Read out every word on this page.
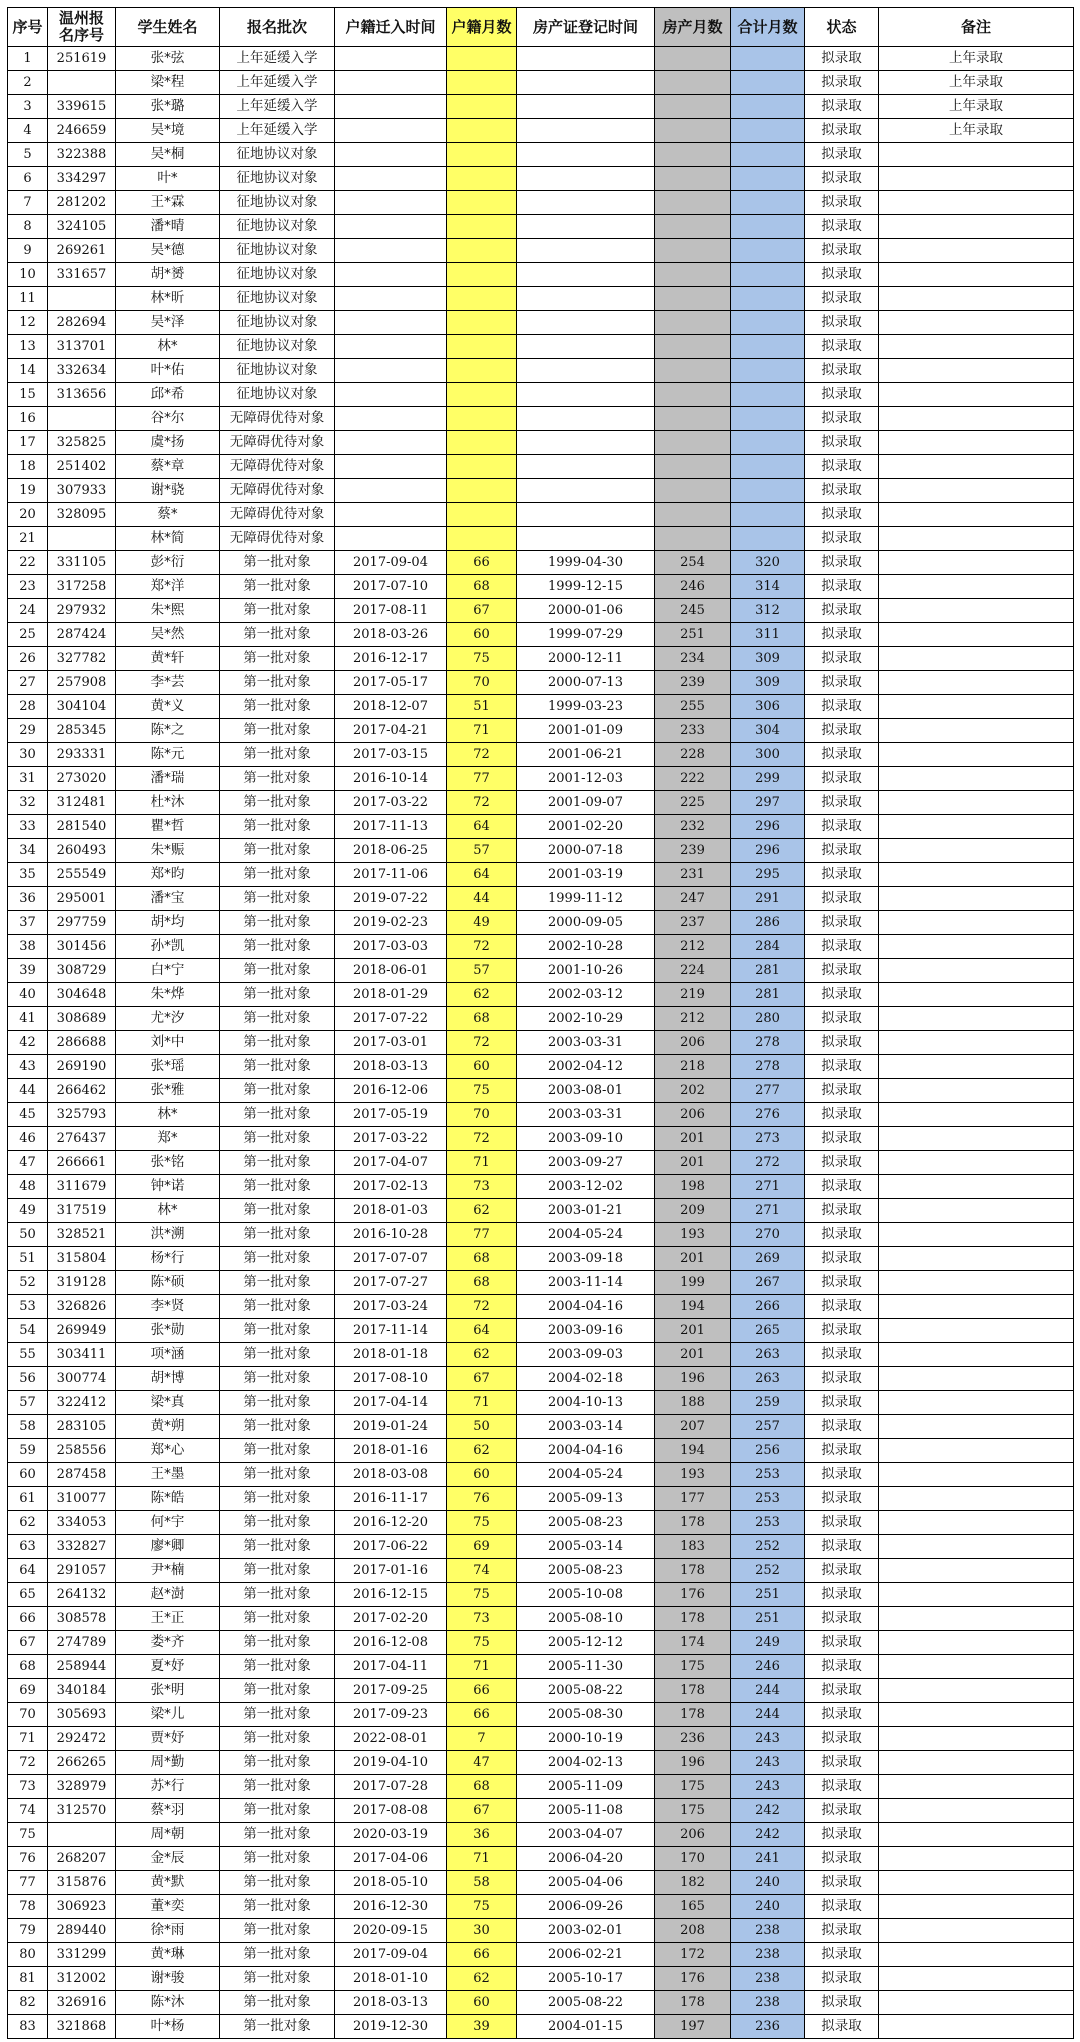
序号	温州报名序号	学生姓名	报名批次	户籍迁入时间	户籍月数	房产证登记时间	房产月数	合计月数	状态	备注
1	251619	张*弦	上年延缓入学						拟录取	上年录取
2		梁*程	上年延缓入学						拟录取	上年录取
3	339615	张*璐	上年延缓入学						拟录取	上年录取
4	246659	吴*境	上年延缓入学						拟录取	上年录取
5	322388	吴*桐	征地协议对象						拟录取	
6	334297	叶*	征地协议对象						拟录取	
7	281202	王*霖	征地协议对象						拟录取	
8	324105	潘*晴	征地协议对象						拟录取	
9	269261	吴*德	征地协议对象						拟录取	
10	331657	胡*赟	征地协议对象						拟录取	
11		林*昕	征地协议对象						拟录取	
12	282694	吴*泽	征地协议对象						拟录取	
13	313701	林*	征地协议对象						拟录取	
14	332634	叶*佑	征地协议对象						拟录取	
15	313656	邱*希	征地协议对象						拟录取	
16		谷*尔	无障碍优待对象						拟录取	
17	325825	虞*扬	无障碍优待对象						拟录取	
18	251402	蔡*章	无障碍优待对象						拟录取	
19	307933	谢*骁	无障碍优待对象						拟录取	
20	328095	蔡*	无障碍优待对象						拟录取	
21		林*简	无障碍优待对象						拟录取	
22	331105	彭*衍	第一批对象	2017-09-04	66	1999-04-30	254	320	拟录取	
23	317258	郑*洋	第一批对象	2017-07-10	68	1999-12-15	246	314	拟录取	
24	297932	朱*熙	第一批对象	2017-08-11	67	2000-01-06	245	312	拟录取	
25	287424	吴*然	第一批对象	2018-03-26	60	1999-07-29	251	311	拟录取	
26	327782	黄*轩	第一批对象	2016-12-17	75	2000-12-11	234	309	拟录取	
27	257908	李*芸	第一批对象	2017-05-17	70	2000-07-13	239	309	拟录取	
28	304104	黄*义	第一批对象	2018-12-07	51	1999-03-23	255	306	拟录取	
29	285345	陈*之	第一批对象	2017-04-21	71	2001-01-09	233	304	拟录取	
30	293331	陈*元	第一批对象	2017-03-15	72	2001-06-21	228	300	拟录取	
31	273020	潘*瑞	第一批对象	2016-10-14	77	2001-12-03	222	299	拟录取	
32	312481	杜*沐	第一批对象	2017-03-22	72	2001-09-07	225	297	拟录取	
33	281540	瞿*哲	第一批对象	2017-11-13	64	2001-02-20	232	296	拟录取	
34	260493	朱*赈	第一批对象	2018-06-25	57	2000-07-18	239	296	拟录取	
35	255549	郑*昀	第一批对象	2017-11-06	64	2001-03-19	231	295	拟录取	
36	295001	潘*宝	第一批对象	2019-07-22	44	1999-11-12	247	291	拟录取	
37	297759	胡*均	第一批对象	2019-02-23	49	2000-09-05	237	286	拟录取	
38	301456	孙*凯	第一批对象	2017-03-03	72	2002-10-28	212	284	拟录取	
39	308729	白*宁	第一批对象	2018-06-01	57	2001-10-26	224	281	拟录取	
40	304648	朱*烨	第一批对象	2018-01-29	62	2002-03-12	219	281	拟录取	
41	308689	尤*汐	第一批对象	2017-07-22	68	2002-10-29	212	280	拟录取	
42	286688	刘*中	第一批对象	2017-03-01	72	2003-03-31	206	278	拟录取	
43	269190	张*瑶	第一批对象	2018-03-13	60	2002-04-12	218	278	拟录取	
44	266462	张*雅	第一批对象	2016-12-06	75	2003-08-01	202	277	拟录取	
45	325793	林*	第一批对象	2017-05-19	70	2003-03-31	206	276	拟录取	
46	276437	郑*	第一批对象	2017-03-22	72	2003-09-10	201	273	拟录取	
47	266661	张*铭	第一批对象	2017-04-07	71	2003-09-27	201	272	拟录取	
48	311679	钟*诺	第一批对象	2017-02-13	73	2003-12-02	198	271	拟录取	
49	317519	林*	第一批对象	2018-01-03	62	2003-01-21	209	271	拟录取	
50	328521	洪*溯	第一批对象	2016-10-28	77	2004-05-24	193	270	拟录取	
51	315804	杨*行	第一批对象	2017-07-07	68	2003-09-18	201	269	拟录取	
52	319128	陈*硕	第一批对象	2017-07-27	68	2003-11-14	199	267	拟录取	
53	326826	李*贤	第一批对象	2017-03-24	72	2004-04-16	194	266	拟录取	
54	269949	张*勋	第一批对象	2017-11-14	64	2003-09-16	201	265	拟录取	
55	303411	项*涵	第一批对象	2018-01-18	62	2003-09-03	201	263	拟录取	
56	300774	胡*博	第一批对象	2017-08-10	67	2004-02-18	196	263	拟录取	
57	322412	梁*真	第一批对象	2017-04-14	71	2004-10-13	188	259	拟录取	
58	283105	黄*朔	第一批对象	2019-01-24	50	2003-03-14	207	257	拟录取	
59	258556	郑*心	第一批对象	2018-01-16	62	2004-04-16	194	256	拟录取	
60	287458	王*墨	第一批对象	2018-03-08	60	2004-05-24	193	253	拟录取	
61	310077	陈*皓	第一批对象	2016-11-17	76	2005-09-13	177	253	拟录取	
62	334053	何*宇	第一批对象	2016-12-20	75	2005-08-23	178	253	拟录取	
63	332827	廖*卿	第一批对象	2017-06-22	69	2005-03-14	183	252	拟录取	
64	291057	尹*楠	第一批对象	2017-01-16	74	2005-08-23	178	252	拟录取	
65	264132	赵*澍	第一批对象	2016-12-15	75	2005-10-08	176	251	拟录取	
66	308578	王*正	第一批对象	2017-02-20	73	2005-08-10	178	251	拟录取	
67	274789	娄*齐	第一批对象	2016-12-08	75	2005-12-12	174	249	拟录取	
68	258944	夏*妤	第一批对象	2017-04-11	71	2005-11-30	175	246	拟录取	
69	340184	张*明	第一批对象	2017-09-25	66	2005-08-22	178	244	拟录取	
70	305693	梁*儿	第一批对象	2017-09-23	66	2005-08-30	178	244	拟录取	
71	292472	贾*妤	第一批对象	2022-08-01	7	2000-10-19	236	243	拟录取	
72	266265	周*勤	第一批对象	2019-04-10	47	2004-02-13	196	243	拟录取	
73	328979	苏*行	第一批对象	2017-07-28	68	2005-11-09	175	243	拟录取	
74	312570	蔡*羽	第一批对象	2017-08-08	67	2005-11-08	175	242	拟录取	
75		周*朝	第一批对象	2020-03-19	36	2003-04-07	206	242	拟录取	
76	268207	金*辰	第一批对象	2017-04-06	71	2006-04-20	170	241	拟录取	
77	315876	黄*默	第一批对象	2018-05-10	58	2005-04-06	182	240	拟录取	
78	306923	董*奕	第一批对象	2016-12-30	75	2006-09-26	165	240	拟录取	
79	289440	徐*雨	第一批对象	2020-09-15	30	2003-02-01	208	238	拟录取	
80	331299	黄*琳	第一批对象	2017-09-04	66	2006-02-21	172	238	拟录取	
81	312002	谢*骏	第一批对象	2018-01-10	62	2005-10-17	176	238	拟录取	
82	326916	陈*沐	第一批对象	2018-03-13	60	2005-08-22	178	238	拟录取	
83	321868	叶*杨	第一批对象	2019-12-30	39	2004-01-15	197	236	拟录取	
